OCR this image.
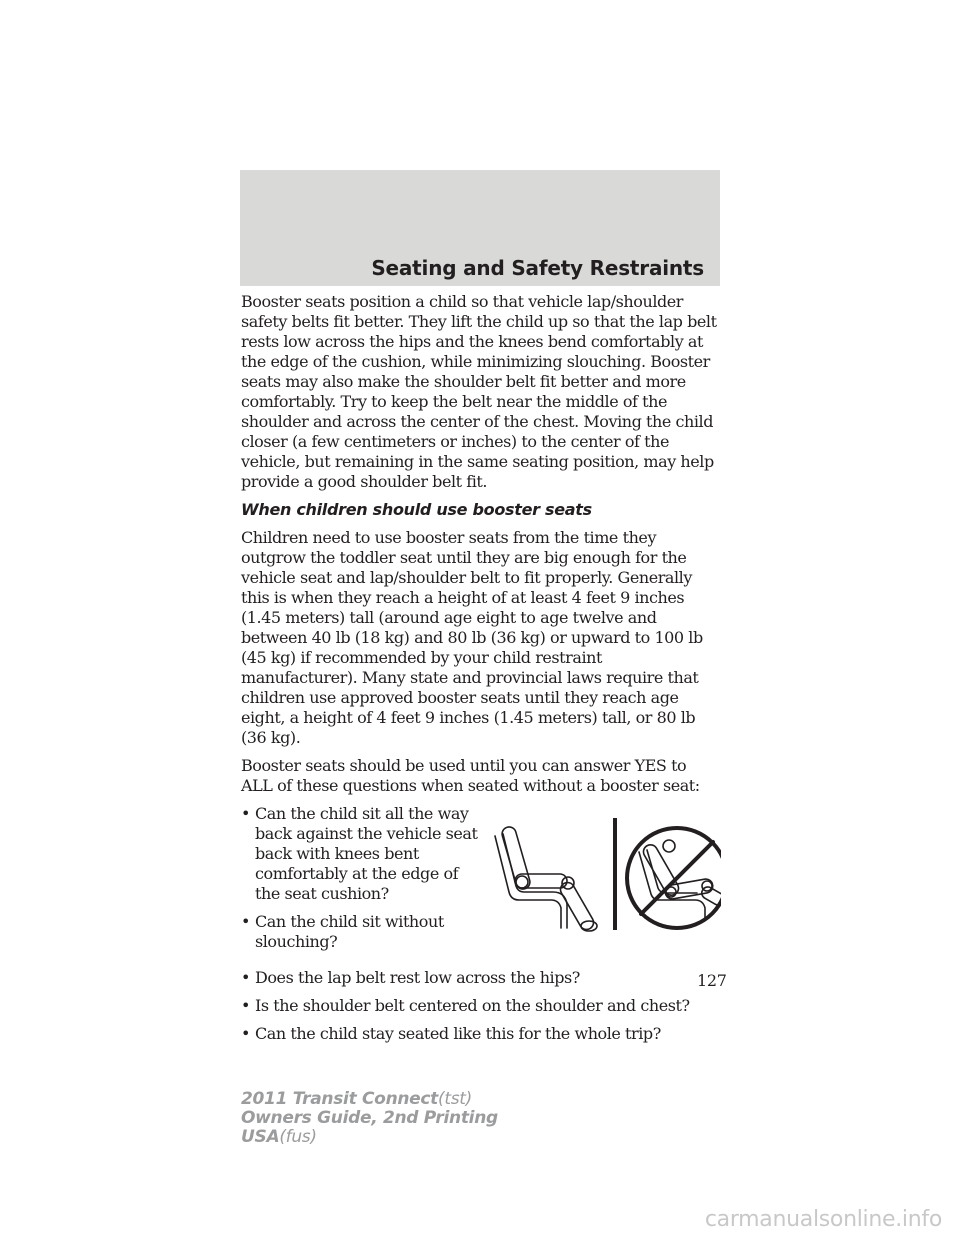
Seating and Safety Restraints

Booster seats position a child so that vehicle lap/shoulder safety belts fit better. They lift the child up so that the lap belt rests low across the hips and the knees bend comfortably at the edge of the cushion, while minimizing slouching. Booster seats may also make the shoulder belt fit better and more comfortably. Try to keep the belt near the middle of the shoulder and across the center of the chest. Moving the child closer (a few centimeters or inches) to the center of the vehicle, but remaining in the same seating position, may help provide a good shoulder belt fit.

When children should use booster seats

Children need to use booster seats from the time they outgrow the toddler seat until they are big enough for the vehicle seat and lap/shoulder belt to fit properly. Generally this is when they reach a height of at least 4 feet 9 inches (1.45 meters) tall (around age eight to age twelve and between 40 lb (18 kg) and 80 lb (36 kg) or upward to 100 lb (45 kg) if recommended by your child restraint manufacturer). Many state and provincial laws require that children use approved booster seats until they reach age eight, a height of 4 feet 9 inches (1.45 meters) tall, or 80 lb (36 kg).

Booster seats should be used until you can answer YES to ALL of these questions when seated without a booster seat:

• Can the child sit all the way back against the vehicle seat back with knees bent comfortably at the edge of the seat cushion?
• Can the child sit without slouching?
• Does the lap belt rest low across the hips?
• Is the shoulder belt centered on the shoulder and chest?
• Can the child stay seated like this for the whole trip?
127
2011 Transit Connect(tst)
Owners Guide, 2nd Printing
USA(fus)
carmanualsonline.info
